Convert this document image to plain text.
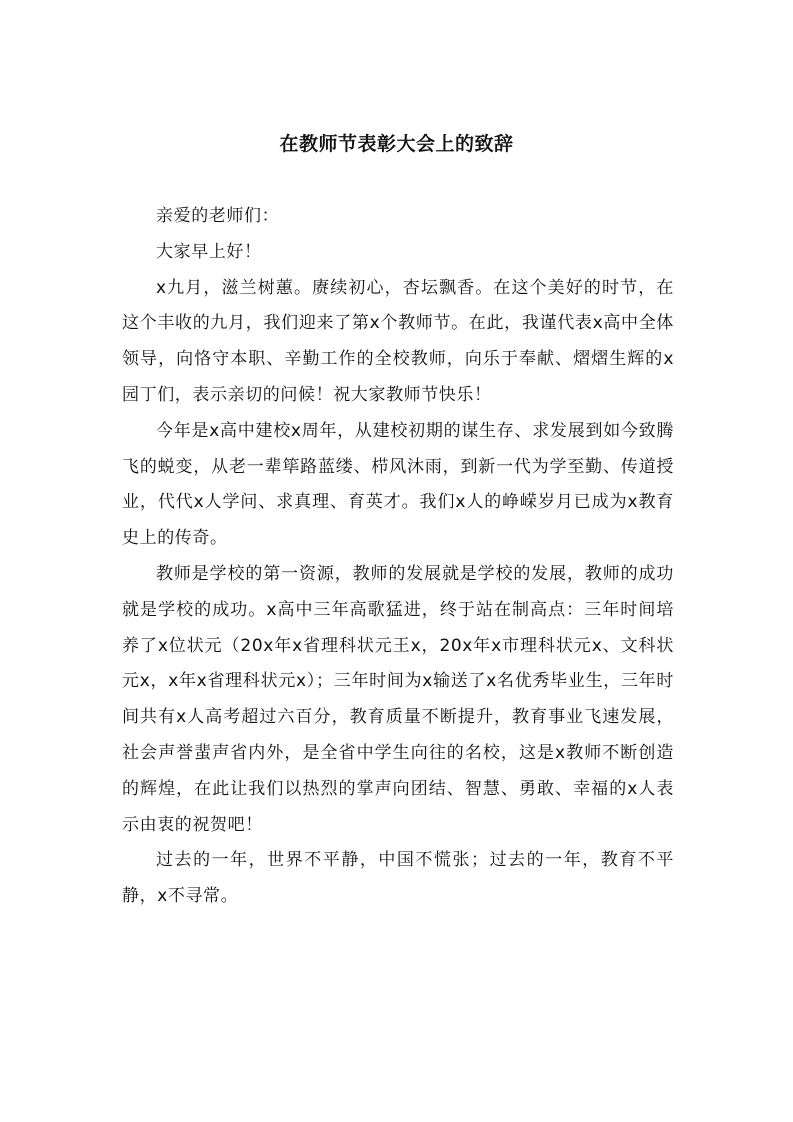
在教师节表彰大会上的致辞

亲爱的老师们：

大家早上好！

x九月，滋兰树蕙。赓续初心，杏坛飘香。在这个美好的时节，在这个丰收的九月，我们迎来了第x个教师节。在此，我谨代表x高中全体领导，向恪守本职、辛勤工作的全校教师，向乐于奉献、熠熠生辉的x园丁们，表示亲切的问候！祝大家教师节快乐！

今年是x高中建校x周年，从建校初期的谋生存、求发展到如今致腾飞的蜕变，从老一辈筚路蓝缕、栉风沐雨，到新一代为学至勤、传道授业，代代x人学问、求真理、育英才。我们x人的峥嵘岁月已成为x教育史上的传奇。

教师是学校的第一资源，教师的发展就是学校的发展，教师的成功就是学校的成功。x高中三年高歌猛进，终于站在制高点：三年时间培养了x位状元（20x年x省理科状元王x，20x年x市理科状元x、文科状元x，x年x省理科状元x）；三年时间为x输送了x名优秀毕业生，三年时间共有x人高考超过六百分，教育质量不断提升，教育事业飞速发展，社会声誉蜚声省内外，是全省中学生向往的名校，这是x教师不断创造的辉煌，在此让我们以热烈的掌声向团结、智慧、勇敢、幸福的x人表示由衷的祝贺吧！

过去的一年，世界不平静，中国不慌张；过去的一年，教育不平静，x不寻常。
